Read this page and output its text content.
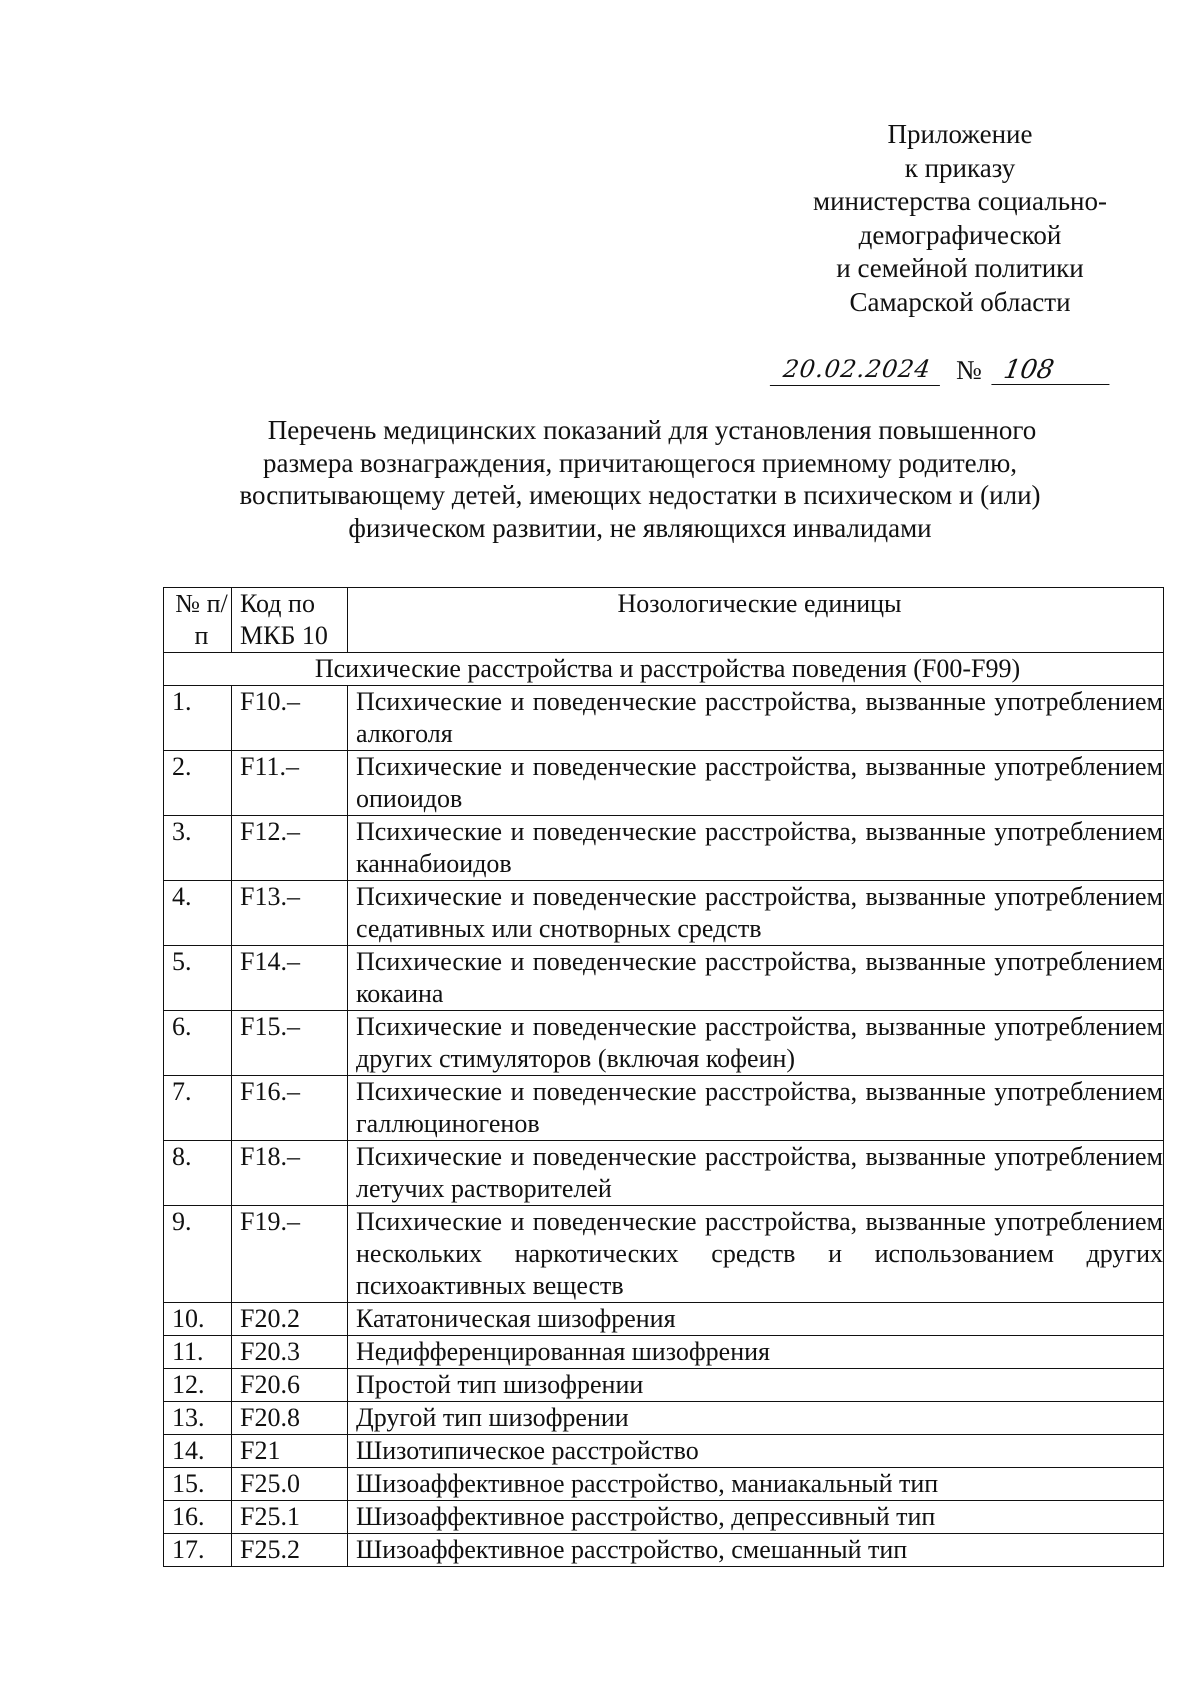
Приложение
к приказу
министерства социально-
демографической
и семейной политики
Самарской области
20.02.2024 № 108
Перечень медицинских показаний для установления повышенного
размера вознаграждения, причитающегося приемному родителю,
воспитывающему детей, имеющих недостатки в психическом и (или)
физическом развитии, не являющихся инвалидами
№ п/п	Код по МКБ 10	Нозологические единицы
Психические расстройства и расстройства поведения (F00-F99)		
1.	F10.–	Психические и поведенческие расстройства, вызванные употреблением алкоголя
2.	F11.–	Психические и поведенческие расстройства, вызванные употреблением опиоидов
3.	F12.–	Психические и поведенческие расстройства, вызванные употреблением каннабиоидов
4.	F13.–	Психические и поведенческие расстройства, вызванные употреблением седативных или снотворных средств
5.	F14.–	Психические и поведенческие расстройства, вызванные употреблением кокаина
6.	F15.–	Психические и поведенческие расстройства, вызванные употреблением других стимуляторов (включая кофеин)
7.	F16.–	Психические и поведенческие расстройства, вызванные употреблением галлюциногенов
8.	F18.–	Психические и поведенческие расстройства, вызванные употреблением летучих растворителей
9.	F19.–	Психические и поведенческие расстройства, вызванные употреблением нескольких наркотических средств и использованием других психоактивных веществ
10.	F20.2	Кататоническая шизофрения
11.	F20.3	Недифференцированная шизофрения
12.	F20.6	Простой тип шизофрении
13.	F20.8	Другой тип шизофрении
14.	F21	Шизотипическое расстройство
15.	F25.0	Шизоаффективное расстройство, маниакальный тип
16.	F25.1	Шизоаффективное расстройство, депрессивный тип
17.	F25.2	Шизоаффективное расстройство, смешанный тип
